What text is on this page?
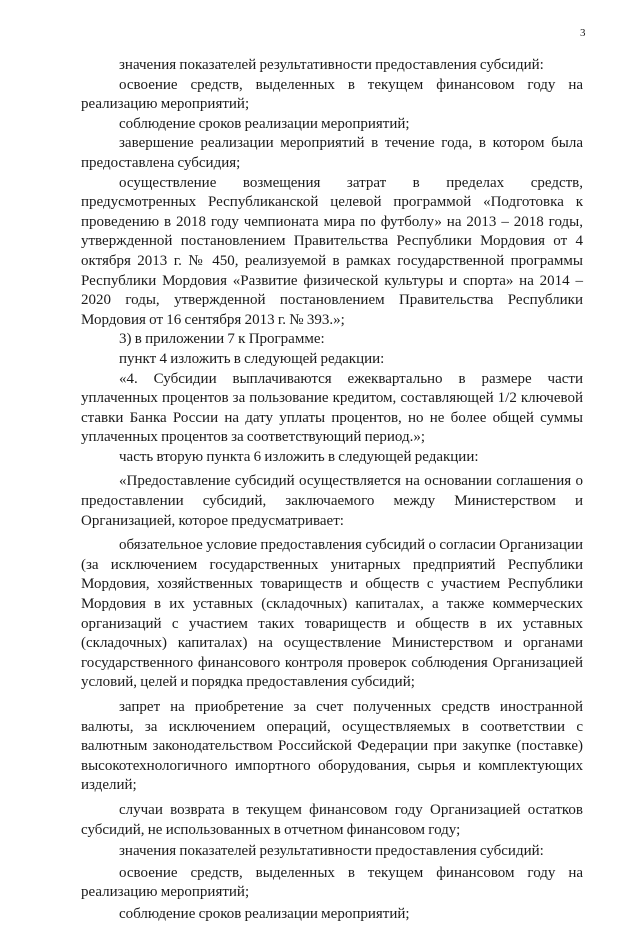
3

значения показателей результативности предоставления субсидий:

освоение средств, выделенных в текущем финансовом году на реализацию мероприятий;

соблюдение сроков реализации мероприятий;

завершение реализации мероприятий в течение года, в котором была предоставлена субсидия;

осуществление возмещения затрат в пределах средств, предусмотренных Республиканской целевой программой «Подготовка к проведению в 2018 году чемпионата мира по футболу» на 2013 – 2018 годы, утвержденной постановлением Правительства Республики Мордовия от 4 октября 2013 г. № 450, реализуемой в рамках государственной программы Республики Мордовия «Развитие физической культуры и спорта» на 2014 – 2020 годы, утвержденной постановлением Правительства Республики Мордовия от 16 сентября 2013 г. № 393.»;

3) в приложении 7 к Программе:

пункт 4 изложить в следующей редакции:

«4. Субсидии выплачиваются ежеквартально в размере части уплаченных процентов за пользование кредитом, составляющей 1/2 ключевой ставки Банка России на дату уплаты процентов, но не более общей суммы уплаченных процентов за соответствующий период.»;

часть вторую пункта 6 изложить в следующей редакции:

«Предоставление субсидий осуществляется на основании соглашения о предоставлении субсидий, заключаемого между Министерством и Организацией, которое предусматривает:

обязательное условие предоставления субсидий о согласии Организации (за исключением государственных унитарных предприятий Республики Мордовия, хозяйственных товариществ и обществ с участием Республики Мордовия в их уставных (складочных) капиталах, а также коммерческих организаций с участием таких товариществ и обществ в их уставных (складочных) капиталах) на осуществление Министерством и органами государственного финансового контроля проверок соблюдения Организацией условий, целей и порядка предоставления субсидий;

запрет на приобретение за счет полученных средств иностранной валюты, за исключением операций, осуществляемых в соответствии с валютным законодательством Российской Федерации при закупке (поставке) высокотехнологичного импортного оборудования, сырья и комплектующих изделий;

случаи возврата в текущем финансовом году Организацией остатков субсидий, не использованных в отчетном финансовом году;

значения показателей результативности предоставления субсидий:

освоение средств, выделенных в текущем финансовом году на реализацию мероприятий;

соблюдение сроков реализации мероприятий;
